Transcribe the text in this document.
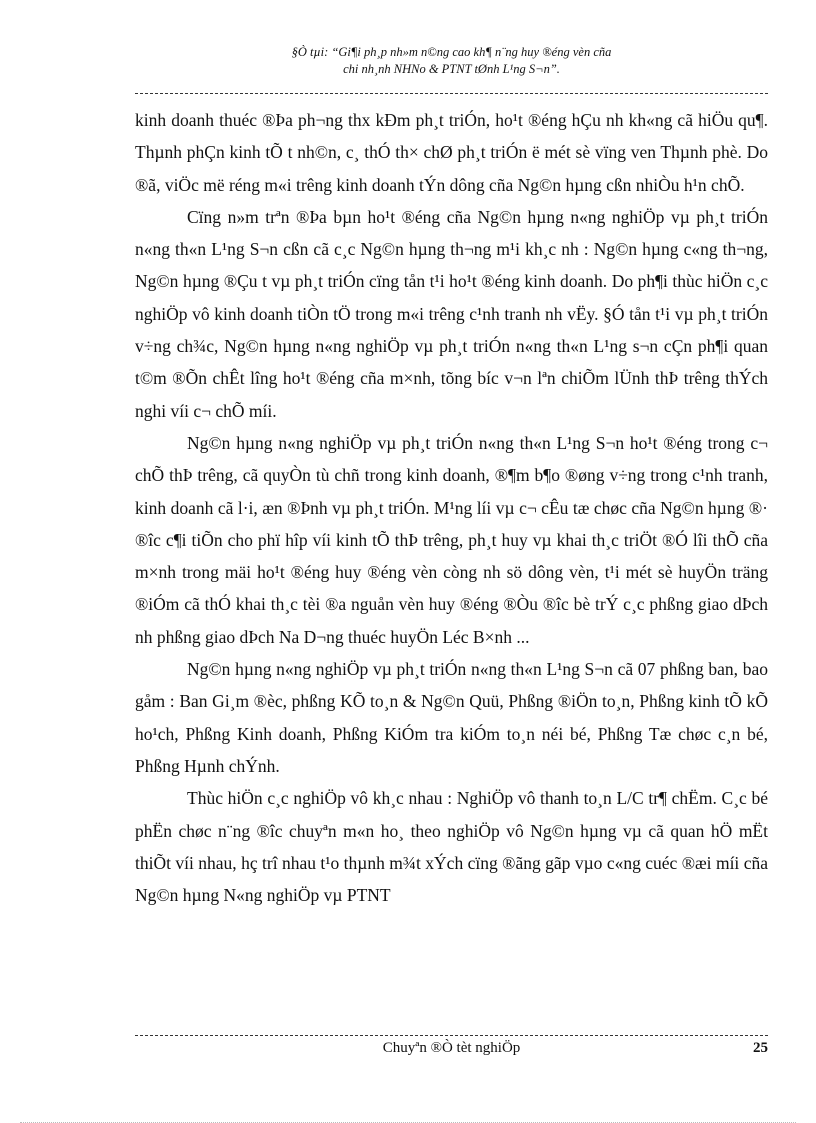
§Ò tµi: “Gi¶i ph¸p nh»m n©ng cao kh¶ n¨ng huy ®éng vèn cña
chi nh¸nh NHNo & PTNT tØnh L¹ng S¬n”.

kinh doanh thuéc ®Þa ph¬ng thx kÐm ph¸t triÓn, ho¹t ®éng hÇu nh kh«ng cã hiÖu qu¶. Thµnh phÇn kinh tÕ t nh©n, c¸ thÓ th× chØ ph¸t triÓn ë mét sè vïng ven Thµnh phè. Do ®ã, viÖc më réng m«i trêng kinh doanh tÝn dông cña Ng©n hµng cßn nhiÒu h¹n chÕ.

Cïng n»m trªn ®Þa bµn ho¹t ®éng cña Ng©n hµng n«ng nghiÖp vµ ph¸t triÓn n«ng th«n L¹ng S¬n cßn cã c¸c Ng©n hµng th¬ng m¹i kh¸c nh : Ng©n hµng c«ng th¬ng, Ng©n hµng ®Çu t vµ ph¸t triÓn cïng tån t¹i ho¹t ®éng kinh doanh. Do ph¶i thùc hiÖn c¸c nghiÖp vô kinh doanh tiÒn tÖ trong m«i trêng c¹nh tranh nh vËy. §Ó tån t¹i vµ ph¸t triÓn v÷ng ch¾c, Ng©n hµng n«ng nghiÖp vµ ph¸t triÓn n«ng th«n L¹ng s¬n cÇn ph¶i quan t©m ®Õn chÊt lîng ho¹t ®éng cña m×nh, tõng bíc v¬n lªn chiÕm lÜnh thÞ trêng thÝch nghi víi c¬ chÕ míi.

Ng©n hµng n«ng nghiÖp vµ ph¸t triÓn n«ng th«n L¹ng S¬n ho¹t ®éng trong c¬ chÕ thÞ trêng, cã quyÒn tù chñ trong kinh doanh, ®¶m b¶o ®øng v÷ng trong c¹nh tranh, kinh doanh cã l·i, æn ®Þnh vµ ph¸t triÓn. M¹ng líi vµ c¬ cÊu tæ chøc cña Ng©n hµng ®· ®îc c¶i tiÕn cho phï hîp víi kinh tÕ thÞ trêng, ph¸t huy vµ khai th¸c triÖt ®Ó lîi thÕ cña m×nh trong mäi ho¹t ®éng huy ®éng vèn còng nh sö dông vèn, t¹i mét sè huyÖn träng ®iÓm cã thÓ khai th¸c tèi ®a nguån vèn huy ®éng ®Òu ®îc bè trÝ c¸c phßng giao dÞch nh phßng giao dÞch Na D¬ng thuéc huyÖn Léc B×nh ...

Ng©n hµng n«ng nghiÖp vµ ph¸t triÓn n«ng th«n L¹ng S¬n cã 07 phßng ban, bao gåm : Ban Gi¸m ®èc, phßng KÕ to¸n & Ng©n Quü, Phßng ®iÖn to¸n, Phßng kinh tÕ kÕ ho¹ch, Phßng Kinh doanh, Phßng KiÓm tra kiÓm to¸n néi bé, Phßng Tæ chøc c¸n bé, Phßng Hµnh chÝnh.

Thùc hiÖn c¸c nghiÖp vô kh¸c nhau : NghiÖp vô thanh to¸n L/C tr¶ chËm. C¸c bé phËn chøc n¨ng ®îc chuyªn m«n ho¸ theo nghiÖp vô Ng©n hµng vµ cã quan hÖ mËt thiÕt víi nhau, hç trî nhau t¹o thµnh m¾t xÝch cïng ®ãng gãp vµo c«ng cuéc ®æi míi cña Ng©n hµng N«ng nghiÖp vµ PTNT

Chuyªn ®Ò tèt nghiÖp	25
